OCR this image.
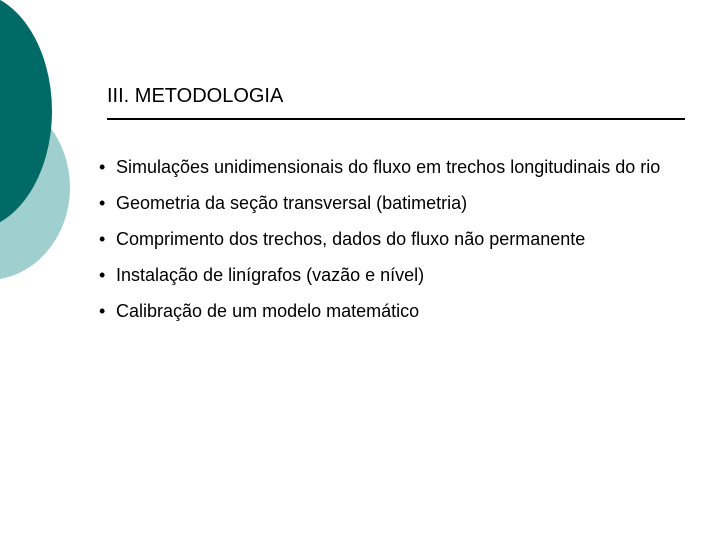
III. METODOLOGIA
• Simulações unidimensionais do fluxo em trechos longitudinais do rio
• Geometria da seção transversal (batimetria)
• Comprimento dos trechos, dados do fluxo não permanente
• Instalação de linígrafos (vazão e nível)
• Calibração de um modelo matemático
